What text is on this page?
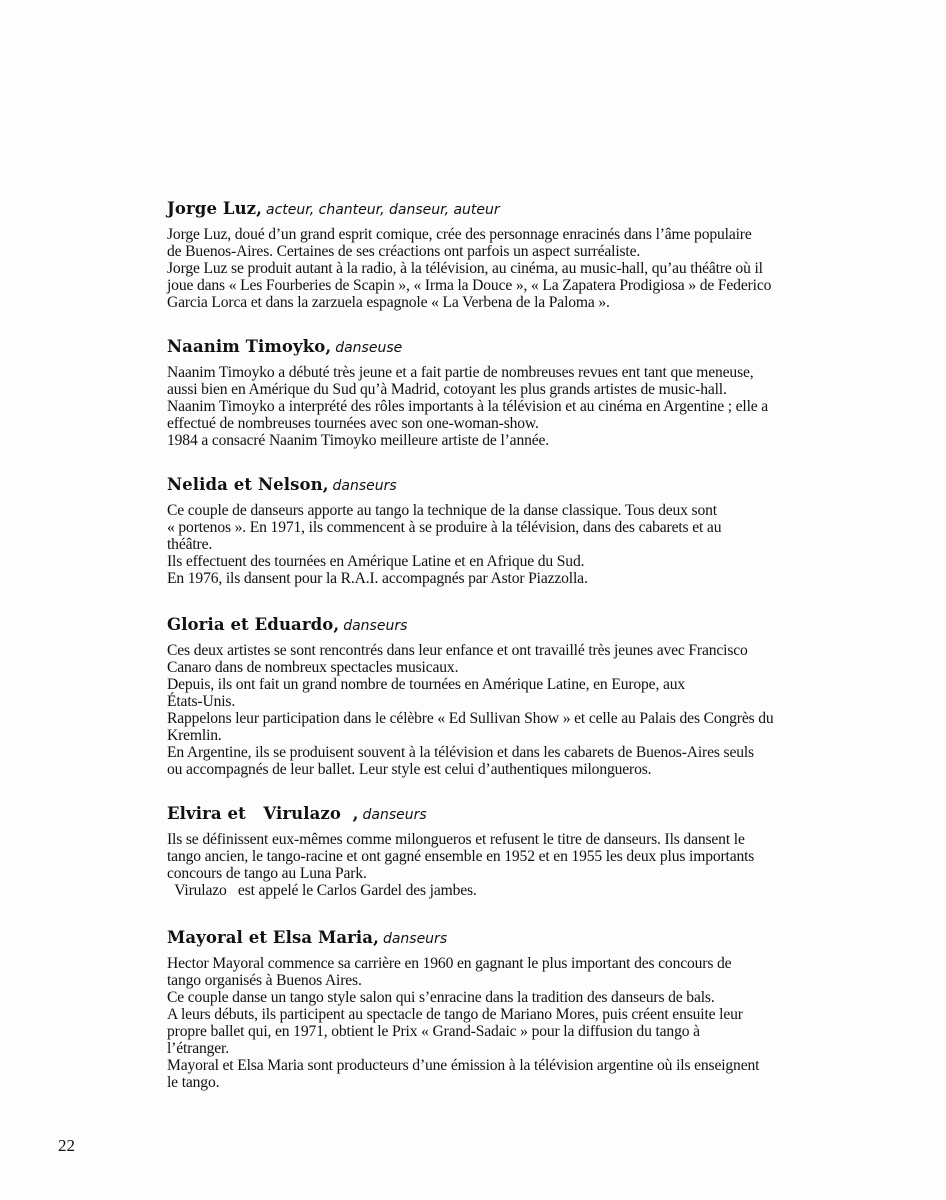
Jorge Luz, acteur, chanteur, danseur, auteur
Jorge Luz, doué d’un grand esprit comique, crée des personnage enracinés dans l’âme populaire
de Buenos-Aires. Certaines de ses créactions ont parfois un aspect surréaliste.
Jorge Luz se produit autant à la radio, à la télévision, au cinéma, au music-hall, qu’au théâtre où il
joue dans « Les Fourberies de Scapin », « Irma la Douce », « La Zapatera Prodigiosa » de Federico
Garcia Lorca et dans la zarzuela espagnole « La Verbena de la Paloma ».
Naanim Timoyko, danseuse
Naanim Timoyko a débuté très jeune et a fait partie de nombreuses revues ent tant que meneuse,
aussi bien en Amérique du Sud qu’à Madrid, cotoyant les plus grands artistes de music-hall.
Naanim Timoyko a interprété des rôles importants à la télévision et au cinéma en Argentine ; elle a
effectué de nombreuses tournées avec son one-woman-show.
1984 a consacré Naanim Timoyko meilleure artiste de l’année.
Nelida et Nelson, danseurs
Ce couple de danseurs apporte au tango la technique de la danse classique. Tous deux sont
« portenos ». En 1971, ils commencent à se produire à la télévision, dans des cabarets et au
théâtre.
Ils effectuent des tournées en Amérique Latine et en Afrique du Sud.
En 1976, ils dansent pour la R.A.I. accompagnés par Astor Piazzolla.
Gloria et Eduardo, danseurs
Ces deux artistes se sont rencontrés dans leur enfance et ont travaillé très jeunes avec Francisco
Canaro dans de nombreux spectacles musicaux.
Depuis, ils ont fait un grand nombre de tournées en Amérique Latine, en Europe, aux
États-Unis.
Rappelons leur participation dans le célèbre « Ed Sullivan Show » et celle au Palais des Congrès du
Kremlin.
En Argentine, ils se produisent souvent à la télévision et dans les cabarets de Buenos-Aires seuls
ou accompagnés de leur ballet. Leur style est celui d’authentiques milongueros.
Elvira et   Virulazo  , danseurs
Ils se définissent eux-mêmes comme milongueros et refusent le titre de danseurs. Ils dansent le
tango ancien, le tango-racine et ont gagné ensemble en 1952 et en 1955 les deux plus importants
concours de tango au Luna Park.
Virulazo   est appelé le Carlos Gardel des jambes.
Mayoral et Elsa Maria, danseurs
Hector Mayoral commence sa carrière en 1960 en gagnant le plus important des concours de
tango organisés à Buenos Aires.
Ce couple danse un tango style salon qui s’enracine dans la tradition des danseurs de bals.
A leurs débuts, ils participent au spectacle de tango de Mariano Mores, puis créent ensuite leur
propre ballet qui, en 1971, obtient le Prix « Grand-Sadaic » pour la diffusion du tango à
l’étranger.
Mayoral et Elsa Maria sont producteurs d’une émission à la télévision argentine où ils enseignent
le tango.
22
